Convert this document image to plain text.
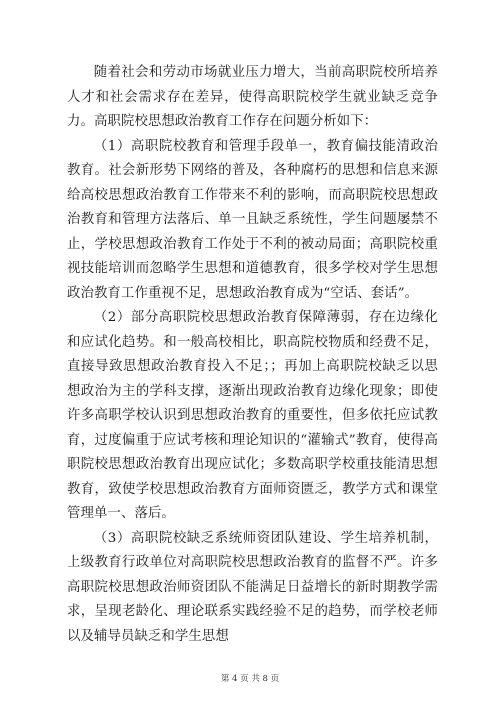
随着社会和劳动市场就业压力增大，当前高职院校所培养人才和社会需求存在差异，使得高职院校学生就业缺乏竞争力。高职院校思想政治教育工作存在问题分析如下：

（1）高职院校教育和管理手段单一，教育偏技能清政治教育。社会新形势下网络的普及，各种腐朽的思想和信息来源给高校思想政治教育工作带来不利的影响，而高职院校思想政治教育和管理方法落后、单一且缺乏系统性，学生问题屡禁不止，学校思想政治教育工作处于不利的被动局面；高职院校重视技能培训而忽略学生思想和道德教育，很多学校对学生思想政治教育工作重视不足，思想政治教育成为“空话、套话”。

（2）部分高职院校思想政治教育保障薄弱，存在边缘化和应试化趋势。和一般高校相比，职高院校物质和经费不足，直接导致思想政治教育投入不足；；再加上高职院校缺乏以思想政治为主的学科支撑，逐渐出现政治教育边缘化现象；即使许多高职学校认识到思想政治教育的重要性，但多依托应试教育，过度偏重于应试考核和理论知识的“灌输式”教育，使得高职院校思想政治教育出现应试化；多数高职学校重技能清思想教育，致使学校思想政治教育方面师资匮乏，教学方式和课堂管理单一、落后。

（3）高职院校缺乏系统师资团队建设、学生培养机制，上级教育行政单位对高职院校思想政治教育的监督不严。许多高职院校思想政治师资团队不能满足日益增长的新时期教学需求，呈现老龄化、理论联系实践经验不足的趋势，而学校老师以及辅导员缺乏和学生思想

第 4 页 共 8 页
